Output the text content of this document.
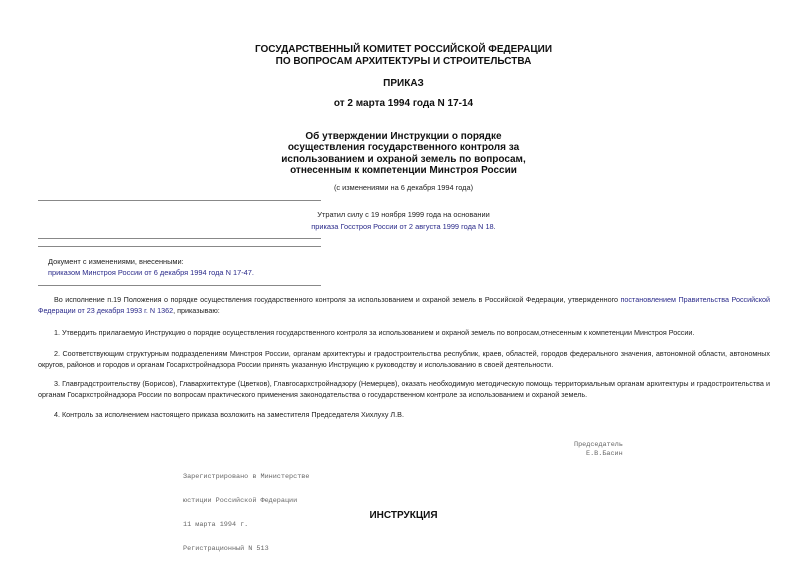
ГОСУДАРСТВЕННЫЙ КОМИТЕТ РОССИЙСКОЙ ФЕДЕРАЦИИ
ПО ВОПРОСАМ АРХИТЕКТУРЫ И СТРОИТЕЛЬСТВА
ПРИКАЗ
от 2 марта 1994 года N 17-14
Об утверждении Инструкции о порядке
осуществления государственного контроля за
использованием и охраной земель по вопросам,
отнесенным к компетенции Минстроя России
(с изменениями на 6 декабря 1994 года)
Утратил силу с 19 ноября 1999 года на основании
приказа Госстроя России от 2 августа 1999 года N 18.
Документ с изменениями, внесенными:
приказом Минстроя России от 6 декабря 1994 года N 17-47.
Во исполнение п.19 Положения о порядке осуществления государственного контроля за использованием и охраной земель в Российской Федерации, утвержденного постановлением Правительства Российской Федерации от 23 декабря 1993 г. N 1362, приказываю:
1. Утвердить прилагаемую Инструкцию о порядке осуществления государственного контроля за использованием и охраной земель по вопросам,отнесенным к компетенции Минстроя России.
2. Соответствующим структурным подразделениям Минстроя России, органам архитектуры и градостроительства республик, краев, областей, городов федерального значения, автономной области, автономных округов, районов и городов и органам Госархстройнадзора России принять указанную Инструкцию к руководству и использованию в своей деятельности.
3. Главградстроительству (Борисов), Главархитектуре (Цветков), Главгосархстройнадзору (Немерцев), оказать необходимую методическую помощь территориальным органам архитектуры и градостроительства и органам Госархстройнадзора России по вопросам практического применения законодательства о государственном контроле за использованием и охраной земель.
4. Контроль за исполнением настоящего приказа возложить на заместителя Председателя Хихлуху Л.В.
Председатель
Е.В.Басин

Зарегистрировано в Министерстве

юстиции Российской Федерации

11 марта 1994 г.

Регистрационный N 513

ИНСТРУКЦИЯ
